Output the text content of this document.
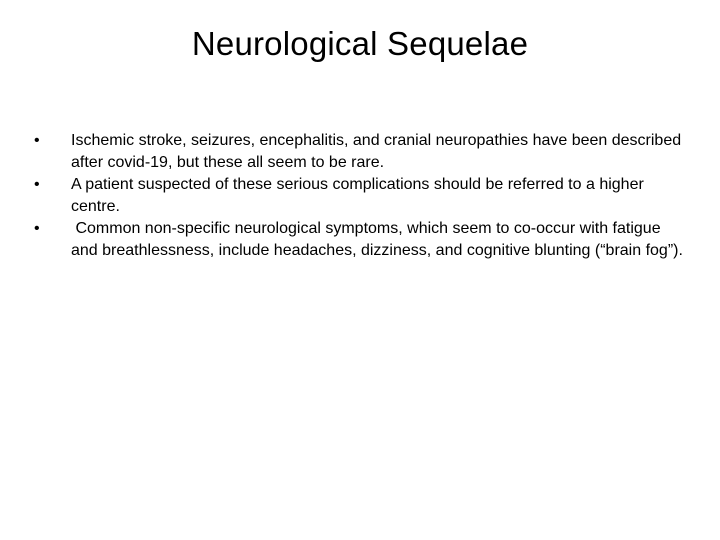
Neurological Sequelae
• Ischemic stroke, seizures, encephalitis, and cranial neuropathies have been described after covid-19, but these all seem to be rare.
• A patient suspected of these serious complications should be referred to a higher centre.
• Common non-specific neurological symptoms, which seem to co-occur with fatigue and breathlessness, include headaches, dizziness, and cognitive blunting (“brain fog”).
